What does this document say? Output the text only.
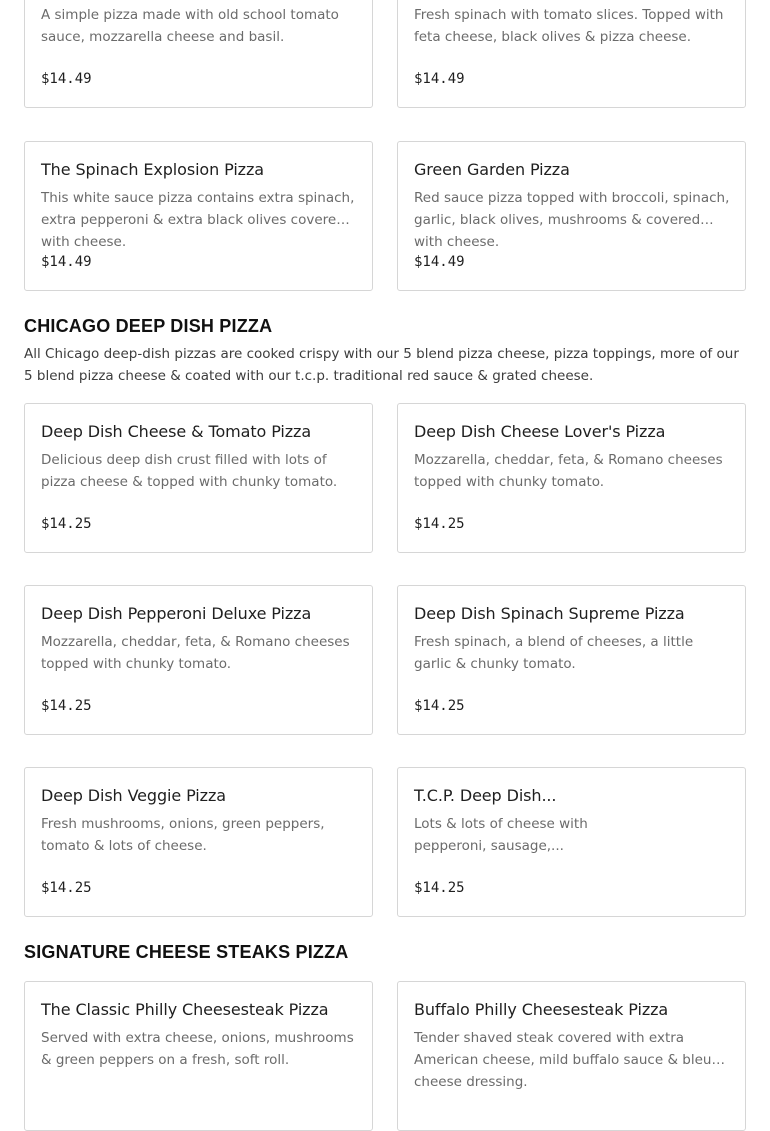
A simple pizza made with old school tomato sauce, mozzarella cheese and basil.
$14.49
Fresh spinach with tomato slices. Topped with feta cheese, black olives & pizza cheese.
$14.49
The Spinach Explosion Pizza
This white sauce pizza contains extra spinach, extra pepperoni & extra black olives covered with cheese.
$14.49
Green Garden Pizza
Red sauce pizza topped with broccoli, spinach, garlic, black olives, mushrooms & covered with cheese.
$14.49
CHICAGO DEEP DISH PIZZA
All Chicago deep-dish pizzas are cooked crispy with our 5 blend pizza cheese, pizza toppings, more of our 5 blend pizza cheese & coated with our t.c.p. traditional red sauce & grated cheese.
Deep Dish Cheese & Tomato Pizza
Delicious deep dish crust filled with lots of pizza cheese & topped with chunky tomato.
$14.25
Deep Dish Cheese Lover's Pizza
Mozzarella, cheddar, feta, & Romano cheeses topped with chunky tomato.
$14.25
Deep Dish Pepperoni Deluxe Pizza
Mozzarella, cheddar, feta, & Romano cheeses topped with chunky tomato.
$14.25
Deep Dish Spinach Supreme Pizza
Fresh spinach, a blend of cheeses, a little garlic & chunky tomato.
$14.25
Deep Dish Veggie Pizza
Fresh mushrooms, onions, green peppers, tomato & lots of cheese.
$14.25
T.C.P. Deep Dish...
Lots & lots of cheese with pepperoni, sausage,...
$14.25
SIGNATURE CHEESE STEAKS PIZZA
The Classic Philly Cheesesteak Pizza
Served with extra cheese, onions, mushrooms & green peppers on a fresh, soft roll.
Buffalo Philly Cheesesteak Pizza
Tender shaved steak covered with extra American cheese, mild buffalo sauce & bleu cheese dressing.
